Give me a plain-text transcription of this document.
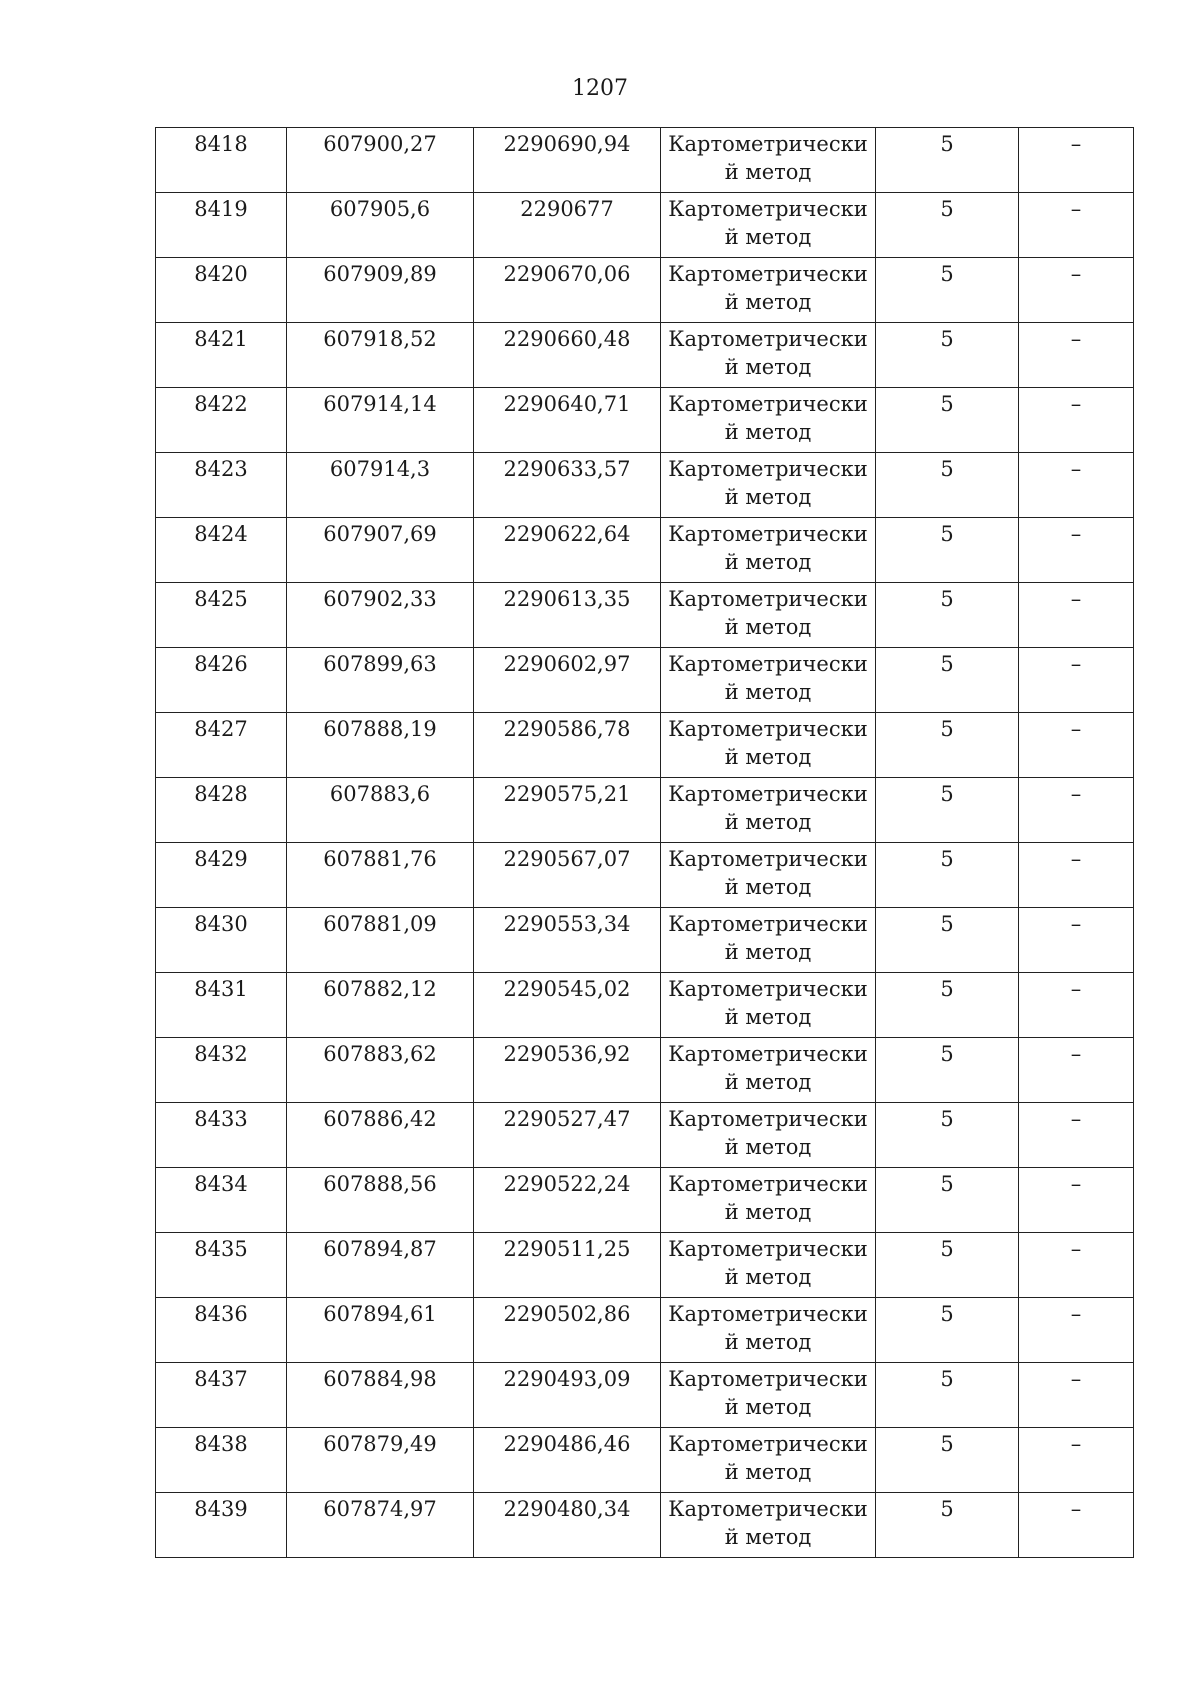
1207
8418	607900,27	2290690,94	Картометрически й метод	5	–
8419	607905,6	2290677	Картометрически й метод	5	–
8420	607909,89	2290670,06	Картометрически й метод	5	–
8421	607918,52	2290660,48	Картометрически й метод	5	–
8422	607914,14	2290640,71	Картометрически й метод	5	–
8423	607914,3	2290633,57	Картометрически й метод	5	–
8424	607907,69	2290622,64	Картометрически й метод	5	–
8425	607902,33	2290613,35	Картометрически й метод	5	–
8426	607899,63	2290602,97	Картометрически й метод	5	–
8427	607888,19	2290586,78	Картометрически й метод	5	–
8428	607883,6	2290575,21	Картометрически й метод	5	–
8429	607881,76	2290567,07	Картометрически й метод	5	–
8430	607881,09	2290553,34	Картометрически й метод	5	–
8431	607882,12	2290545,02	Картометрически й метод	5	–
8432	607883,62	2290536,92	Картометрически й метод	5	–
8433	607886,42	2290527,47	Картометрически й метод	5	–
8434	607888,56	2290522,24	Картометрически й метод	5	–
8435	607894,87	2290511,25	Картометрически й метод	5	–
8436	607894,61	2290502,86	Картометрически й метод	5	–
8437	607884,98	2290493,09	Картометрически й метод	5	–
8438	607879,49	2290486,46	Картометрически й метод	5	–
8439	607874,97	2290480,34	Картометрически й метод	5	–
